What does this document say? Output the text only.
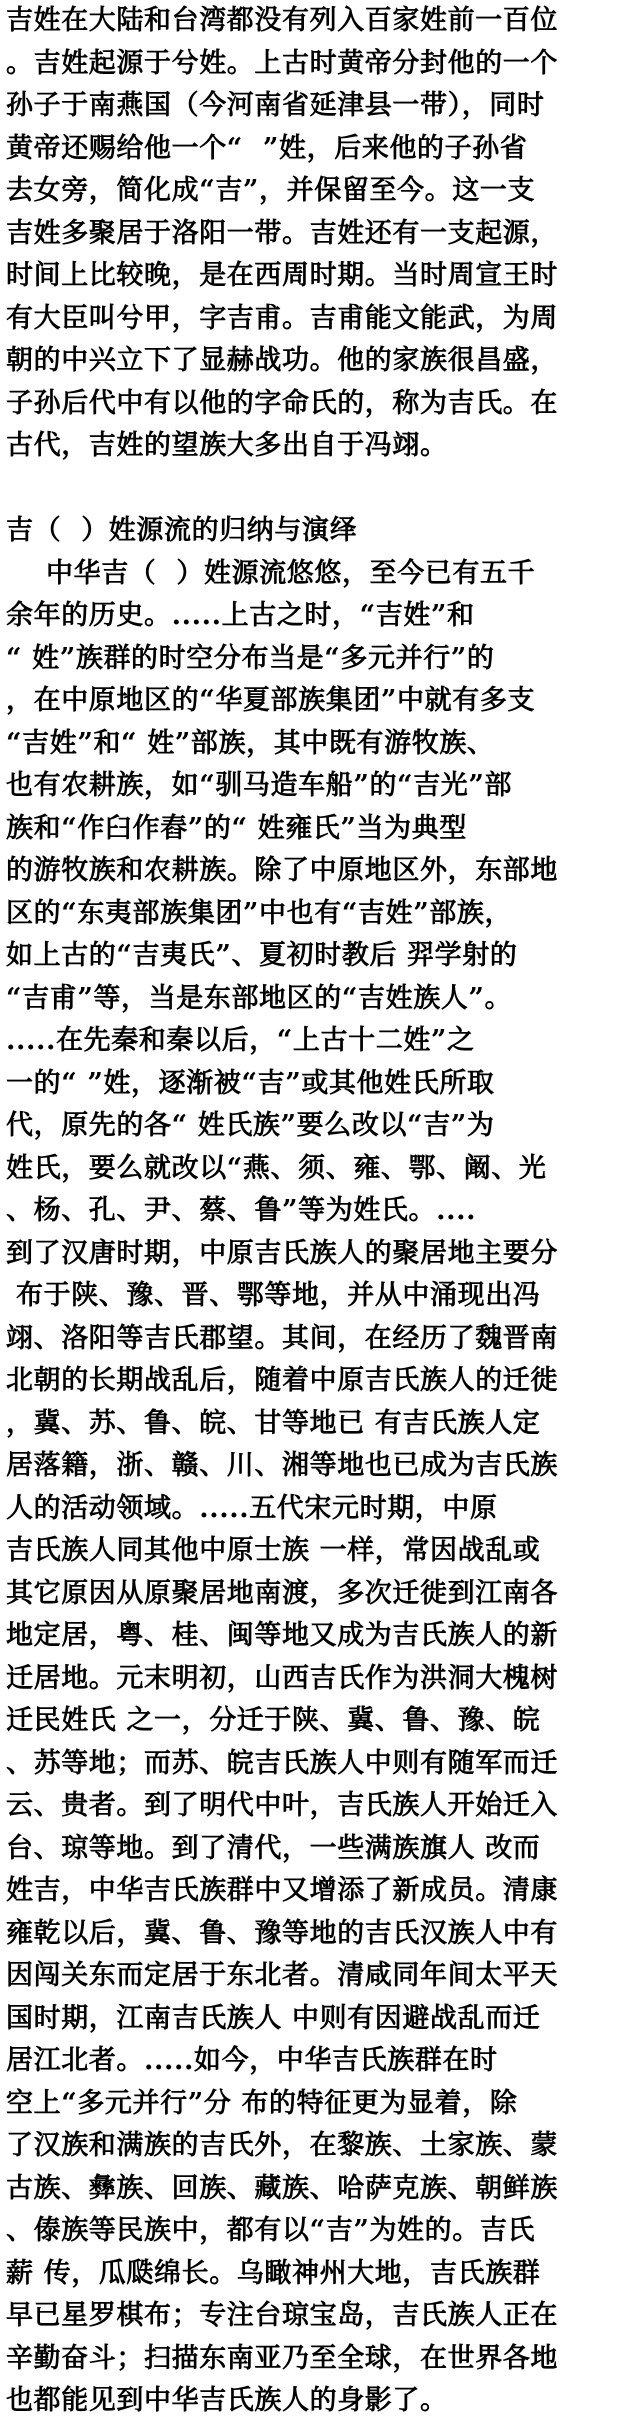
吉姓在大陆和台湾都没有列入百家姓前一百位
。吉姓起源于兮姓。上古时黄帝分封他的一个
孙子于南燕国（今河南省延津县一带），同时
黄帝还赐给他一个“  ”姓，后来他的子孙省
去女旁，简化成“吉”，并保留至今。这一支
吉姓多聚居于洛阳一带。吉姓还有一支起源，
时间上比较晚，是在西周时期。当时周宣王时
有大臣叫兮甲，字吉甫。吉甫能文能武，为周
朝的中兴立下了显赫战功。他的家族很昌盛，
子孙后代中有以他的字命氏的，称为吉氏。在
古代，吉姓的望族大多出自于冯翊。
吉（  ）姓源流的归纳与演绎
中华吉（  ）姓源流悠悠，至今已有五千
余年的历史。.....上古之时，“吉姓”和
“ 姓”族群的时空分布当是“多元并行”的
，在中原地区的“华夏部族集团”中就有多支
“吉姓”和“ 姓”部族，其中既有游牧族、
也有农耕族，如“驯马造车船”的“吉光”部
族和“作臼作舂”的“ 姓雍氏”当为典型
的游牧族和农耕族。除了中原地区外，东部地
区的“东夷部族集团”中也有“吉姓”部族，
如上古的“吉夷氏”、夏初时教后 羿学射的
“吉甫”等，当是东部地区的“吉姓族人”。
.....在先秦和秦以后，“上古十二姓”之
一的“ ”姓，逐渐被“吉”或其他姓氏所取
代，原先的各“ 姓氏族”要么改以“吉”为
姓氏，要么就改以“燕、须、雍、鄂、阚、光
、杨、孔、尹、蔡、鲁”等为姓氏。....
到了汉唐时期，中原吉氏族人的聚居地主要分
布于陕、豫、晋、鄂等地，并从中涌现出冯
翊、洛阳等吉氏郡望。其间，在经历了魏晋南
北朝的长期战乱后，随着中原吉氏族人的迁徙
，冀、苏、鲁、皖、甘等地已 有吉氏族人定
居落籍，浙、赣、川、湘等地也已成为吉氏族
人的活动领域。.....五代宋元时期，中原
吉氏族人同其他中原士族 一样，常因战乱或
其它原因从原聚居地南渡，多次迁徙到江南各
地定居，粤、桂、闽等地又成为吉氏族人的新
迁居地。元末明初，山西吉氏作为洪洞大槐树
迁民姓氏 之一，分迁于陕、冀、鲁、豫、皖
、苏等地；而苏、皖吉氏族人中则有随军而迁
云、贵者。到了明代中叶，吉氏族人开始迁入
台、琼等地。到了清代，一些满族旗人 改而
姓吉，中华吉氏族群中又增添了新成员。清康
雍乾以后，冀、鲁、豫等地的吉氏汉族人中有
因闯关东而定居于东北者。清咸同年间太平天
国时期，江南吉氏族人 中则有因避战乱而迁
居江北者。.....如今，中华吉氏族群在时
空上“多元并行”分 布的特征更为显着，除
了汉族和满族的吉氏外，在黎族、土家族、蒙
古族、彝族、回族、藏族、哈萨克族、朝鲜族
、傣族等民族中，都有以“吉”为姓的。吉氏
薪 传，瓜瓞绵长。乌瞰神州大地，吉氏族群
早已星罗棋布；专注台琼宝岛，吉氏族人正在
辛勤奋斗；扫描东南亚乃至全球，在世界各地
也都能见到中华吉氏族人的身影了。
